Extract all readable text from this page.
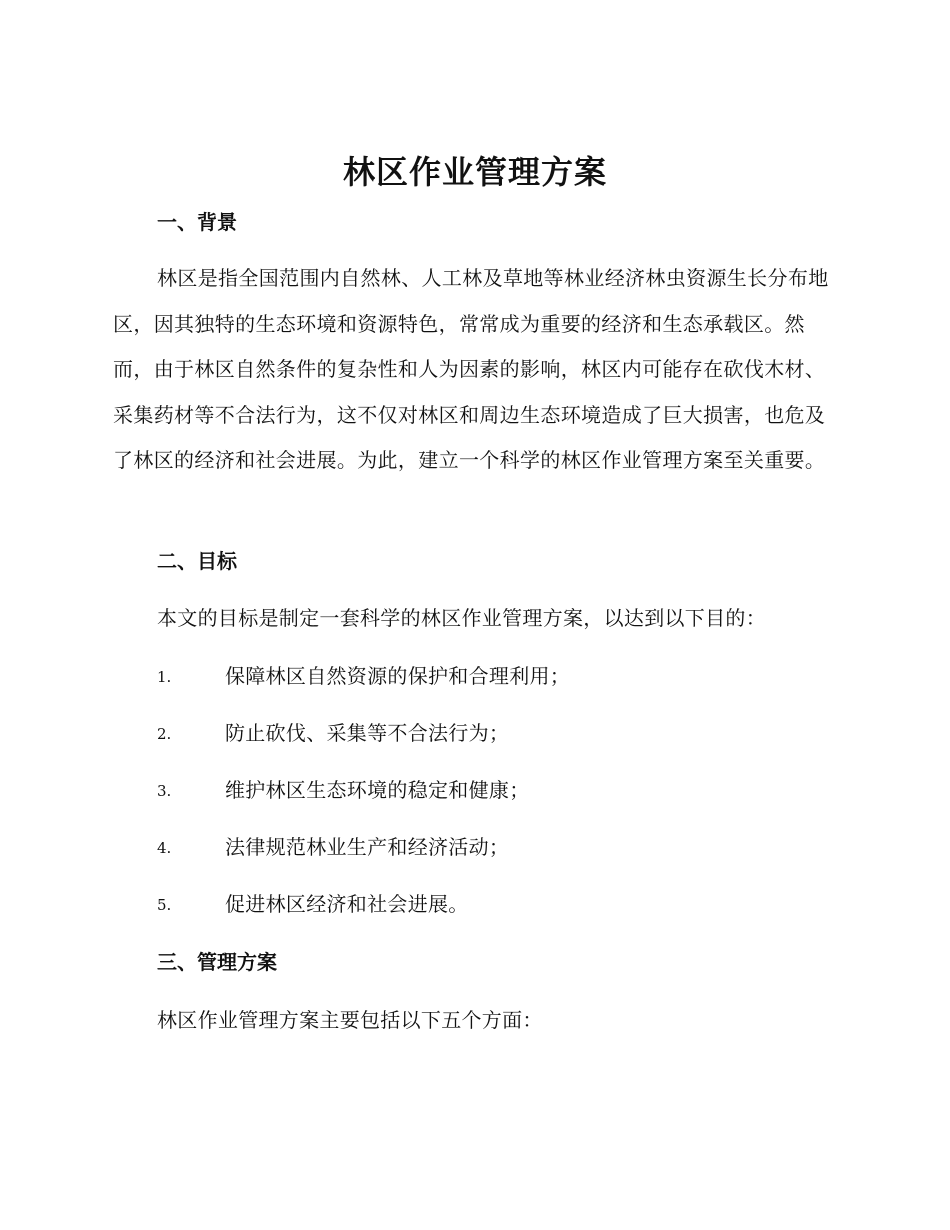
林区作业管理方案
一、背景

林区是指全国范围内自然林、人工林及草地等林业经济林虫资源生长分布地区，因其独特的生态环境和资源特色，常常成为重要的经济和生态承载区。然而，由于林区自然条件的复杂性和人为因素的影响，林区内可能存在砍伐木材、采集药材等不合法行为，这不仅对林区和周边生态环境造成了巨大损害，也危及了林区的经济和社会进展。为此，建立一个科学的林区作业管理方案至关重要。

二、目标
本文的目标是制定一套科学的林区作业管理方案，以达到以下目的：
1.	保障林区自然资源的保护和合理利用；
2.	防止砍伐、采集等不合法行为；
3.	维护林区生态环境的稳定和健康；
4.	法律规范林业生产和经济活动；
5.	促进林区经济和社会进展。
三、管理方案
林区作业管理方案主要包括以下五个方面：
